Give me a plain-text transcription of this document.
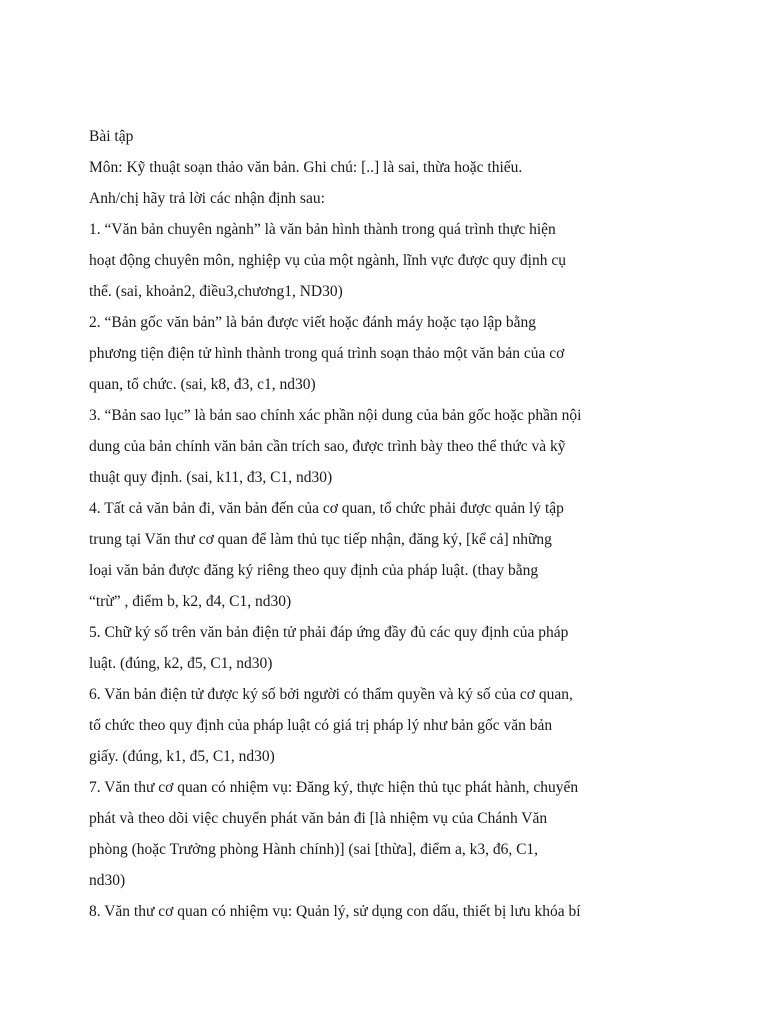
Bài tập
Môn: Kỹ thuật soạn thảo văn bản. Ghi chú: [..] là sai, thừa hoặc thiếu.
Anh/chị hãy trả lời các nhận định sau:
1. “Văn bản chuyên ngành” là văn bản hình thành trong quá trình thực hiện
hoạt động chuyên môn, nghiệp vụ của một ngành, lĩnh vực được quy định cụ
thể. (sai, khoản2, điều3,chương1, ND30)
2. “Bản gốc văn bản” là bản được viết hoặc đánh máy hoặc tạo lập bằng
phương tiện điện tử hình thành trong quá trình soạn thảo một văn bản của cơ
quan, tổ chức. (sai, k8, đ3, c1, nd30)
3. “Bản sao lục” là bản sao chính xác phần nội dung của bản gốc hoặc phần nội
dung của bản chính văn bản cần trích sao, được trình bày theo thể thức và kỹ
thuật quy định. (sai, k11, đ3, C1, nd30)
4. Tất cả văn bản đi, văn bản đến của cơ quan, tổ chức phải được quản lý tập
trung tại Văn thư cơ quan để làm thủ tục tiếp nhận, đăng ký, [kể cả] những
loại văn bản được đăng ký riêng theo quy định của pháp luật. (thay bằng
“trừ” , điểm b, k2, đ4, C1, nd30)
5. Chữ ký số trên văn bản điện tử phải đáp ứng đầy đủ các quy định của pháp
luật. (đúng, k2, đ5, C1, nd30)
6. Văn bản điện tử được ký số bởi người có thẩm quyền và ký số của cơ quan,
tổ chức theo quy định của pháp luật có giá trị pháp lý như bản gốc văn bản
giấy. (đúng, k1, đ5, C1, nd30)
7. Văn thư cơ quan có nhiệm vụ: Đăng ký, thực hiện thủ tục phát hành, chuyển
phát và theo dõi việc chuyển phát văn bản đi [là nhiệm vụ của Chánh Văn
phòng (hoặc Trưởng phòng Hành chính)] (sai [thừa], điểm a, k3, đ6, C1,
nd30)
8. Văn thư cơ quan có nhiệm vụ: Quản lý, sử dụng con dấu, thiết bị lưu khóa bí
